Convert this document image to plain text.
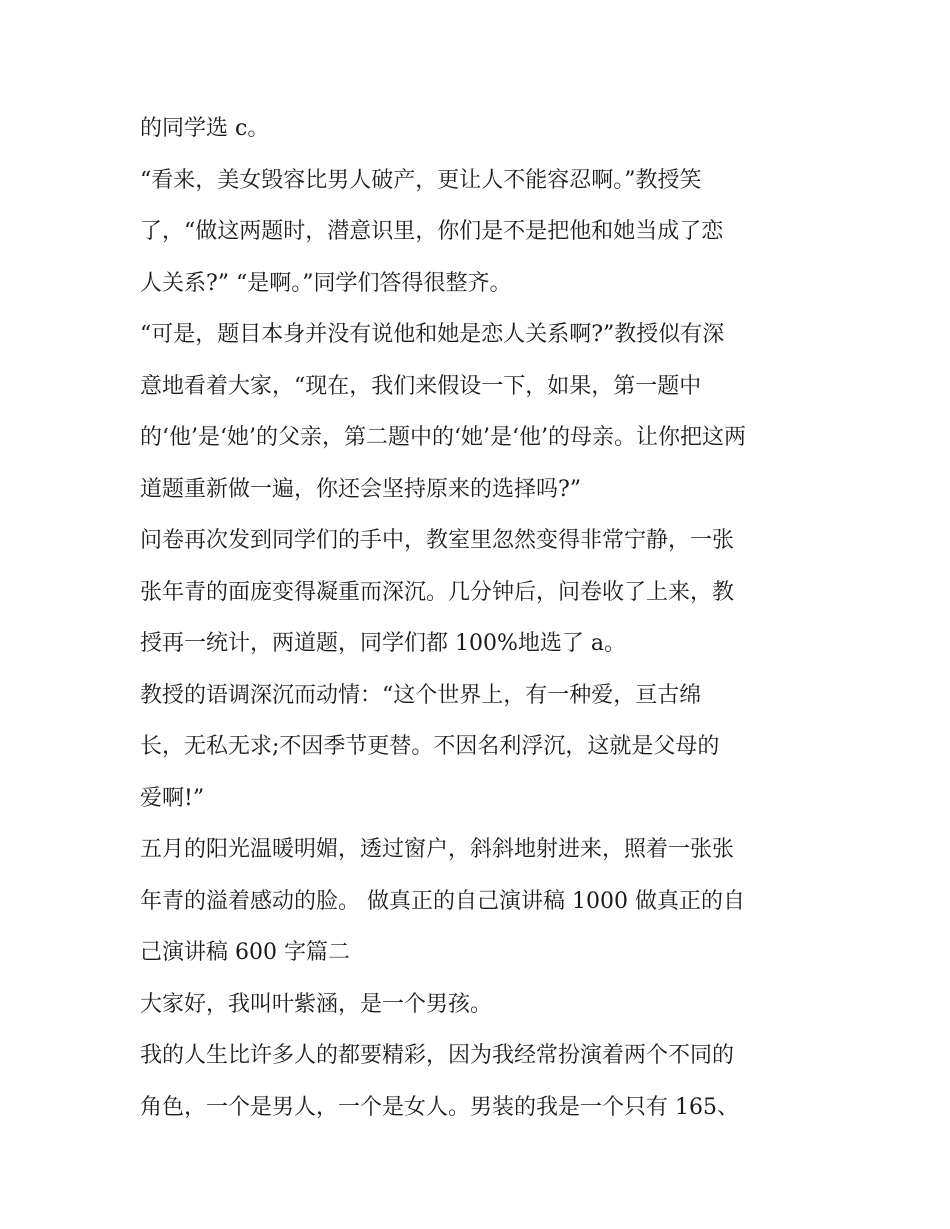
的同学选 c。
“看来，美女毁容比男人破产，更让人不能容忍啊。”教授笑
了，“做这两题时，潜意识里，你们是不是把他和她当成了恋
人关系?” “是啊。”同学们答得很整齐。
“可是，题目本身并没有说他和她是恋人关系啊?”教授似有深
意地看着大家，“现在，我们来假设一下，如果，第一题中
的‘他’是‘她’的父亲，第二题中的‘她’是‘他’的母亲。让你把这两
道题重新做一遍，你还会坚持原来的选择吗?”
问卷再次发到同学们的手中，教室里忽然变得非常宁静，一张
张年青的面庞变得凝重而深沉。几分钟后，问卷收了上来，教
授再一统计，两道题，同学们都 100%地选了 a。
教授的语调深沉而动情：“这个世界上，有一种爱，亘古绵
长，无私无求;不因季节更替。不因名利浮沉，这就是父母的
爱啊!”
五月的阳光温暖明媚，透过窗户，斜斜地射进来，照着一张张
年青的溢着感动的脸。 做真正的自己演讲稿 1000 做真正的自
己演讲稿 600 字篇二
大家好，我叫叶紫涵，是一个男孩。
我的人生比许多人的都要精彩，因为我经常扮演着两个不同的
角色，一个是男人，一个是女人。男装的我是一个只有 165、
